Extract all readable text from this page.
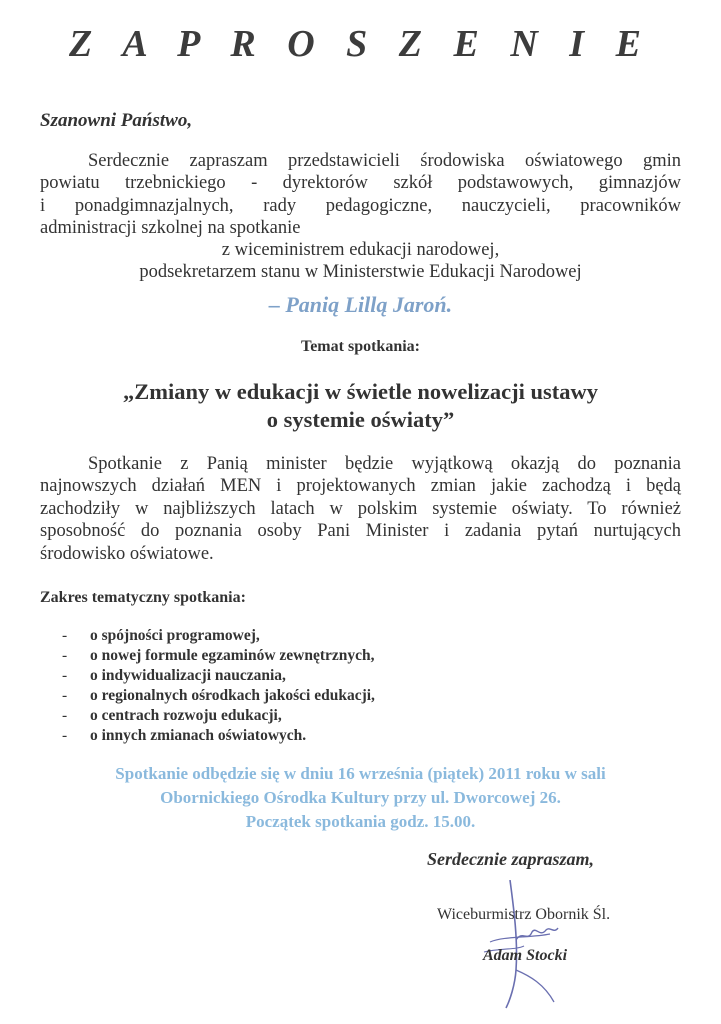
Z A P R O S Z E N I E
Szanowni Państwo,
Serdecznie zapraszam przedstawicieli środowiska oświatowego gmin
powiatu trzebnickiego - dyrektorów szkół podstawowych, gimnazjów
i ponadgimnazjalnych, rady pedagogiczne, nauczycieli, pracowników
administracji szkolnej na spotkanie
z wiceministrem edukacji narodowej,
podsekretarzem stanu w Ministerstwie Edukacji Narodowej
– Panią Lillą Jaroń.
Temat spotkania:
„Zmiany w edukacji w świetle nowelizacji ustawy
o systemie oświaty”
Spotkanie z Panią minister będzie wyjątkową okazją do poznania
najnowszych działań MEN i projektowanych zmian jakie zachodzą i będą
zachodziły w najbliższych latach w polskim systemie oświaty. To również
sposobność do poznania osoby Pani Minister i zadania pytań nurtujących
środowisko oświatowe.
Zakres tematyczny spotkania:
- o spójności programowej,
- o nowej formule egzaminów zewnętrznych,
- o indywidualizacji nauczania,
- o regionalnych ośrodkach jakości edukacji,
- o centrach rozwoju edukacji,
- o innych zmianach oświatowych.
Spotkanie odbędzie się w dniu 16 września (piątek) 2011 roku w sali
Obornickiego Ośrodka Kultury przy ul. Dworcowej 26.
Początek spotkania godz. 15.00.
Serdecznie zapraszam,
Wiceburmistrz Obornik Śl.
Adam Stocki
